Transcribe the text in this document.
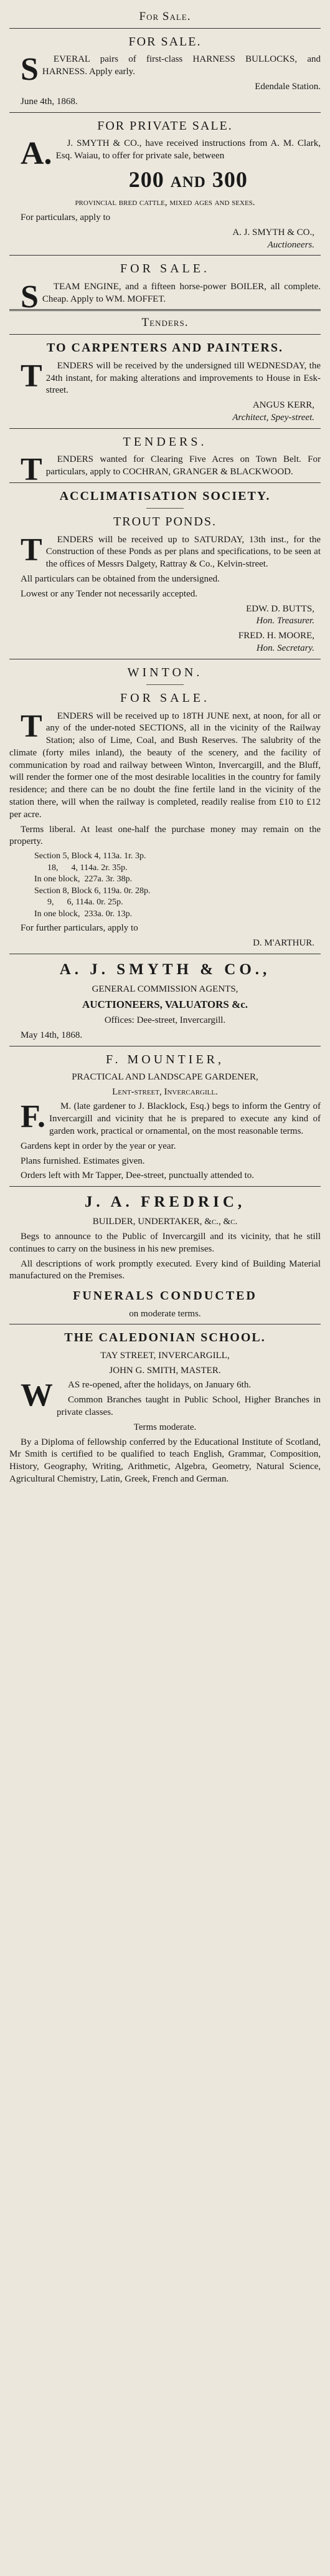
For Sale.
FOR SALE.

SEVERAL pairs of first-class HARNESS BULLOCKS, and HARNESS. Apply early.

Edendale Station.

June 4th, 1868.

FOR PRIVATE SALE.

A.J. SMYTH & CO., have received instructions from A. M. Clark, Esq. Waiau, to offer for private sale, between

200 and 300

provincial bred cattle, mixed ages and sexes.

For particulars, apply to

A. J. SMYTH & CO.,

Auctioneers.

FOR SALE.

STEAM ENGINE, and a fifteen horse-power BOILER, all complete. Cheap. Apply to WM. MOFFET.

Tenders.
TO CARPENTERS AND PAINTERS.

TENDERS will be received by the undersigned till WEDNESDAY, the 24th instant, for making alterations and improvements to House in Esk-street.

ANGUS KERR,

Architect, Spey-street.

TENDERS.

TENDERS wanted for Clearing Five Acres on Town Belt. For particulars, apply to COCHRAN, GRANGER & BLACKWOOD.

ACCLIMATISATION SOCIETY.
TROUT PONDS.

TENDERS will be received up to SATURDAY, 13th inst., for the Construction of these Ponds as per plans and specifications, to be seen at the offices of Messrs Dalgety, Rattray & Co., Kelvin-street.

All particulars can be obtained from the undersigned.

Lowest or any Tender not necessarily accepted.

EDW. D. BUTTS,

Hon. Treasurer.

FRED. H. MOORE,

Hon. Secretary.

WINTON.
FOR SALE.

TENDERS will be received up to 18TH JUNE next, at noon, for all or any of the under-noted SECTIONS, all in the vicinity of the Railway Station; also of Lime, Coal, and Bush Reserves. The salubrity of the climate (forty miles inland), the beauty of the scenery, and the facility of communication by road and railway between Winton, Invercargill, and the Bluff, will render the former one of the most desirable localities in the country for family residence; and there can be no doubt the fine fertile land in the vicinity of the station there, will when the railway is completed, readily realise from £10 to £12 per acre.

Terms liberal. At least one-half the purchase money may remain on the property.

Section 5, Block 4, 113a. 1r. 3p.
18,      4, 114a. 2r. 35p.
In one block,  227a. 3r. 38p.
Section 8, Block 6, 119a. 0r. 28p.
9,      6, 114a. 0r. 25p.
In one block,  233a. 0r. 13p.

For further particulars, apply to

D. M'ARTHUR.

A. J. SMYTH & CO.,

GENERAL COMMISSION AGENTS,

AUCTIONEERS, VALUATORS &c.

Offices: Dee-street, Invercargill.

May 14th, 1868.

F. MOUNTIER,

PRACTICAL AND LANDSCAPE GARDENER,

Lent-street, Invercargill.

F.M. (late gardener to J. Blacklock, Esq.) begs to inform the Gentry of Invercargill and vicinity that he is prepared to execute any kind of garden work, practical or ornamental, on the most reasonable terms.

Gardens kept in order by the year or year.

Plans furnished. Estimates given.

Orders left with Mr Tapper, Dee-street, punctually attended to.

J. A. FREDRIC,

BUILDER, UNDERTAKER, &c., &c.

Begs to announce to the Public of Invercargill and its vicinity, that he still continues to carry on the business in his new premises.

All descriptions of work promptly executed. Every kind of Building Material manufactured on the Premises.

FUNERALS CONDUCTED

on moderate terms.

THE CALEDONIAN SCHOOL.

TAY STREET, INVERCARGILL,

JOHN G. SMITH, MASTER.

WAS re-opened, after the holidays, on January 6th.

Common Branches taught in Public School, Higher Branches in private classes.

Terms moderate.

By a Diploma of fellowship conferred by the Educational Institute of Scotland, Mr Smith is certified to be qualified to teach English, Grammar, Composition, History, Geography, Writing, Arithmetic, Algebra, Geometry, Natural Science, Agricultural Chemistry, Latin, Greek, French and German.
